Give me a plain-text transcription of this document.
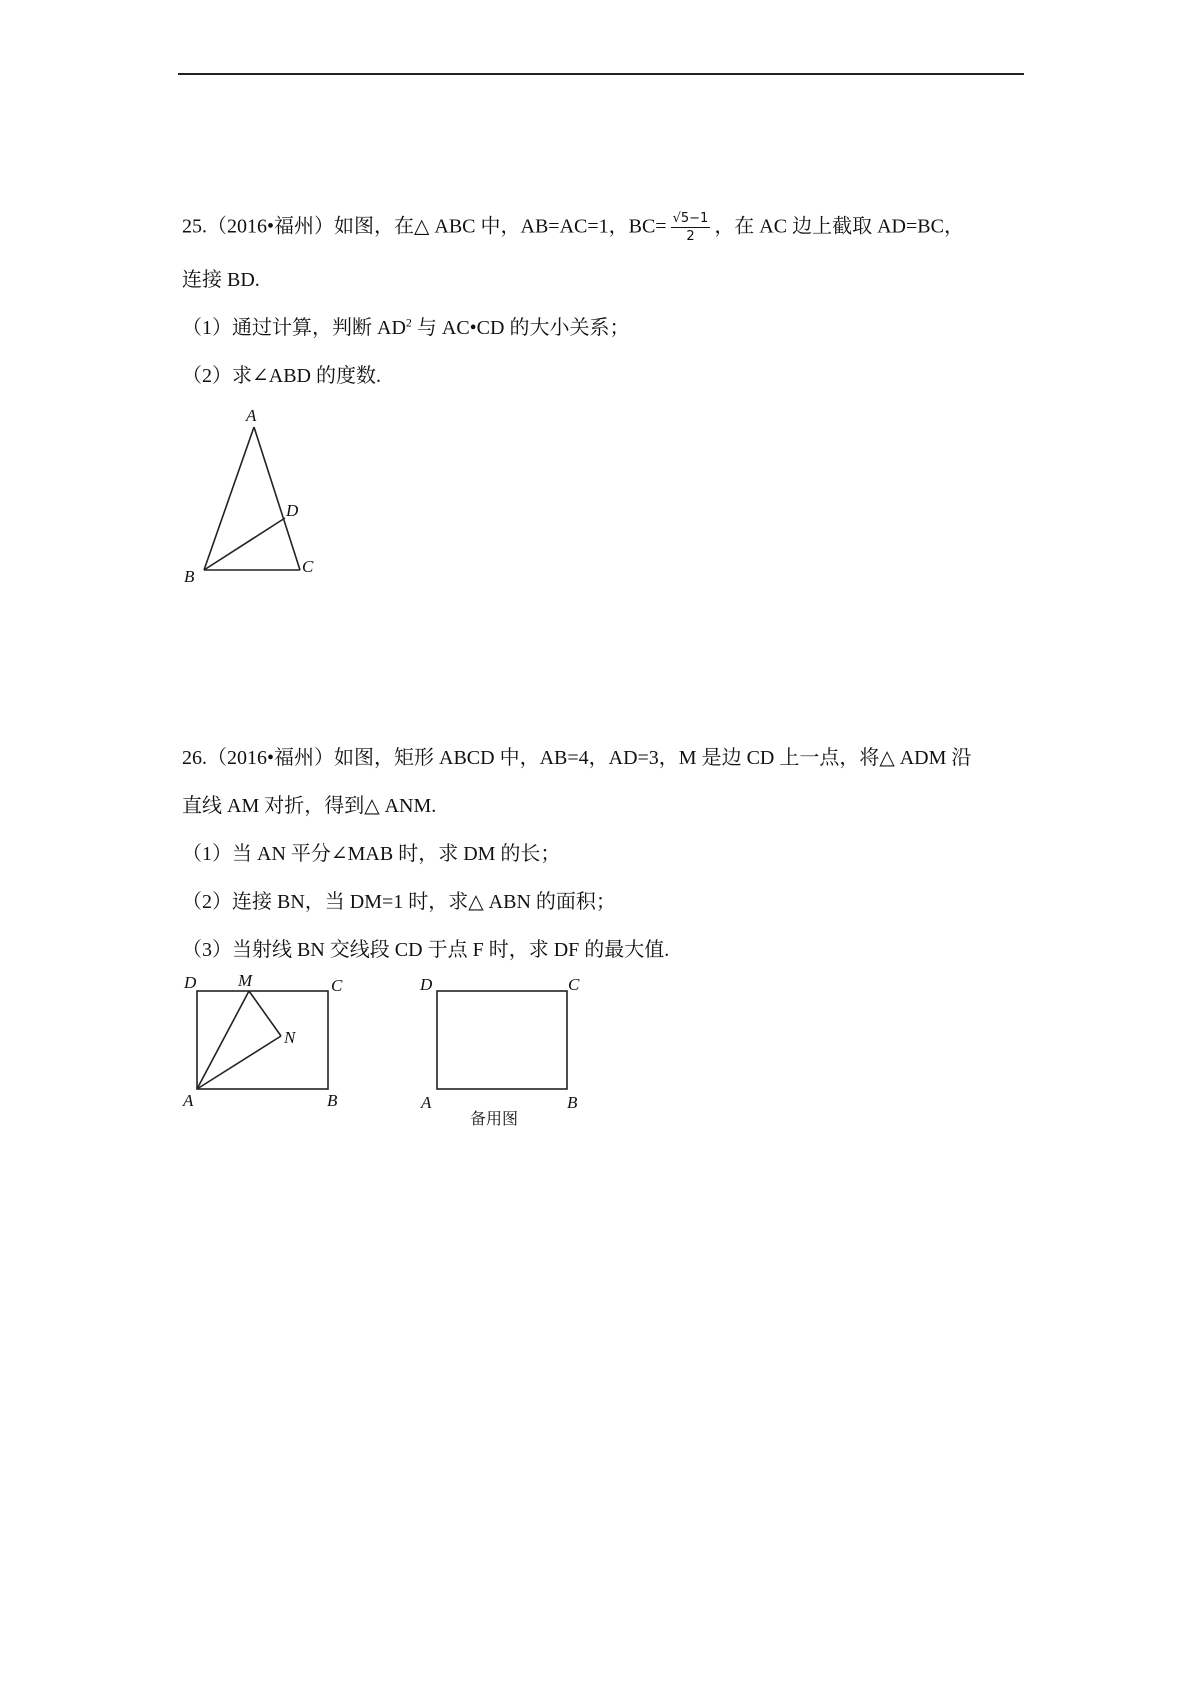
25.（2016•福州）如图，在△ ABC 中，AB=AC=1，$BC= \frac{√5-1}{2}$ ，在 AC 边上截取 AD=BC，
连接 BD.
（1）通过计算，判断 $AD^2$ 与 AC•CD 的大小关系；
（2）求∠ABD 的度数.
A
B
C
D
26.（2016•福州）如图，矩形 ABCD 中，AB=4，AD=3，M 是边 CD 上一点，将△ ADM 沿
直线 AM 对折，得到△ ANM.
（1）当 AN 平分∠MAB 时，求 DM 的长；
（2）连接 BN，当 DM=1 时，求△ ABN 的面积；
（3）当射线 BN 交线段 CD 于点 F 时，求 DF 的最大值.
D M	C
N
A	B
D	C
A	B
备用图
